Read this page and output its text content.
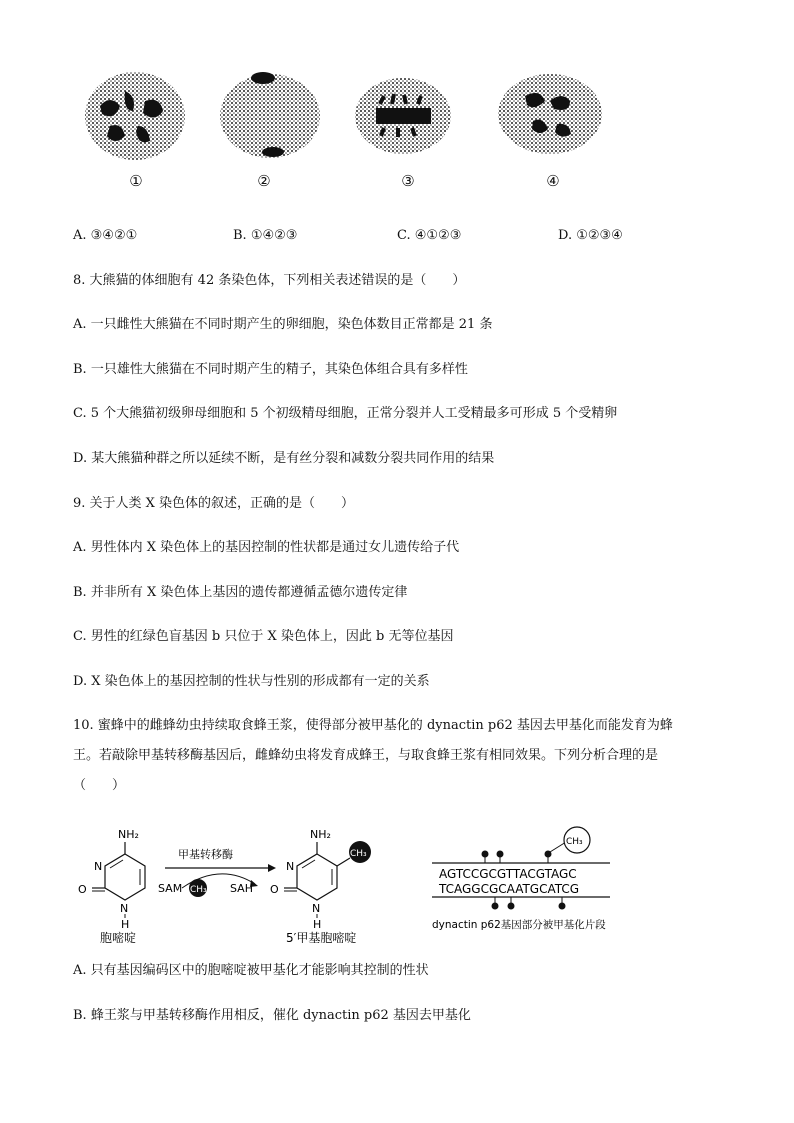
①	②	③	④
A. ③④②①	B. ①④②③	C. ④①②③	D. ①②③④
8. 大熊猫的体细胞有 42 条染色体，下列相关表述错误的是（　　）
A. 一只雌性大熊猫在不同时期产生的卵细胞，染色体数目正常都是 21 条
B. 一只雄性大熊猫在不同时期产生的精子，其染色体组合具有多样性
C. 5 个大熊猫初级卵母细胞和 5 个初级精母细胞，正常分裂并人工受精最多可形成 5 个受精卵
D. 某大熊猫种群之所以延续不断，是有丝分裂和减数分裂共同作用的结果
9. 关于人类 X 染色体的叙述，正确的是（　　）
A. 男性体内 X 染色体上的基因控制的性状都是通过女儿遗传给子代
B. 并非所有 X 染色体上基因的遗传都遵循孟德尔遗传定律
C. 男性的红绿色盲基因 b 只位于 X 染色体上，因此 b 无等位基因
D. X 染色体上的基因控制的性状与性别的形成都有一定的关系
10. 蜜蜂中的雌蜂幼虫持续取食蜂王浆，使得部分被甲基化的 dynactin p62 基因去甲基化而能发育为蜂
王。若敲除甲基转移酶基因后，雌蜂幼虫将发育成蜂王，与取食蜂王浆有相同效果。下列分析合理的是
（　　）
NH₂
N
N
O
H
胞嘧啶
甲基转移酶
SAM CH₃ SAH
NH₂
CH₃
N
N
O
H
5′甲基胞嘧啶
CH₃
AGTCCGCGTTACGTAGC
TCAGGCGCAATGCATCG
dynactin p62基因部分被甲基化片段
A. 只有基因编码区中的胞嘧啶被甲基化才能影响其控制的性状
B. 蜂王浆与甲基转移酶作用相反，催化 dynactin p62 基因去甲基化
